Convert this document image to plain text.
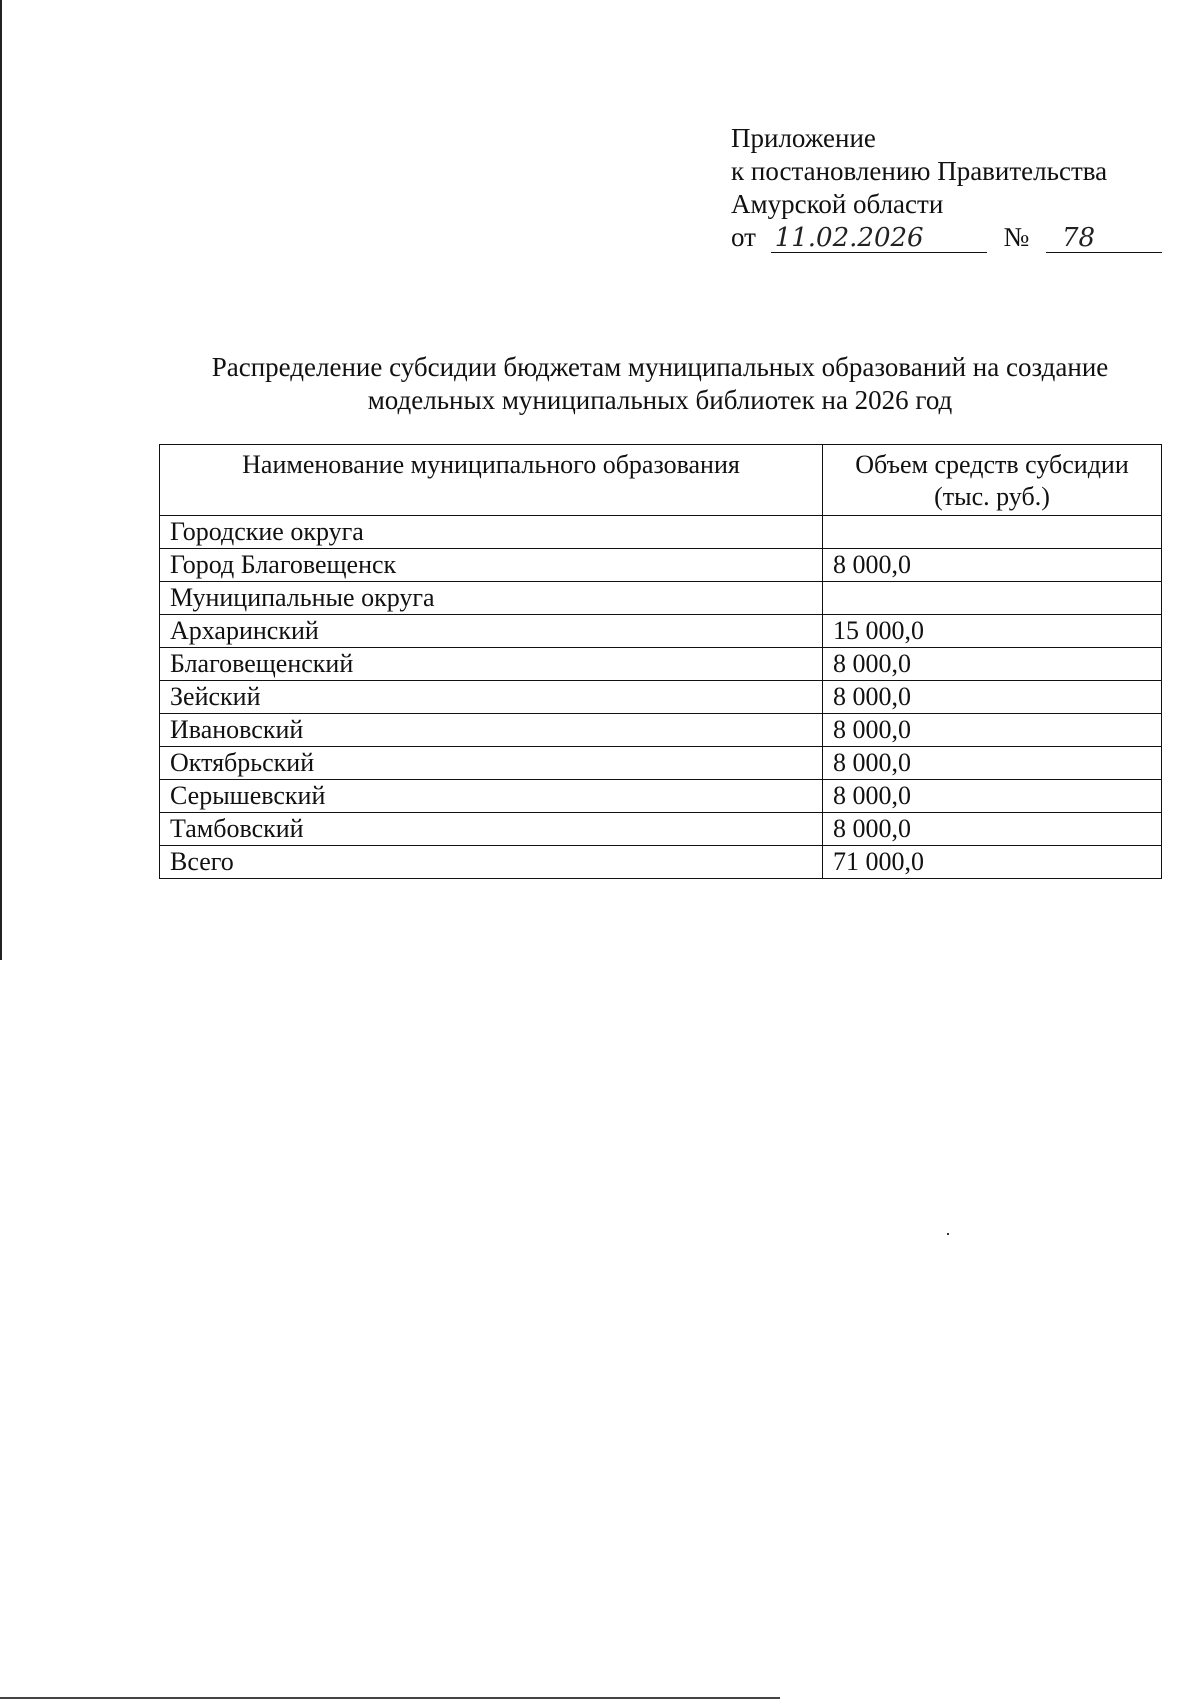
Приложение
к постановлению Правительства
Амурской области
от 11.02.2026	№ 78
Распределение субсидии бюджетам муниципальных образований на создание
модельных муниципальных библиотек на 2026 год
Наименование муниципального образования	Объем средств субсидии
(тыс. руб.)

Городские округа	
Город Благовещенск	8 000,0
Муниципальные округа	
Архаринский	15 000,0
Благовещенский	8 000,0
Зейский	8 000,0
Ивановский	8 000,0
Октябрьский	8 000,0
Серышевский	8 000,0
Тамбовский	8 000,0
Всего	71 000,0
